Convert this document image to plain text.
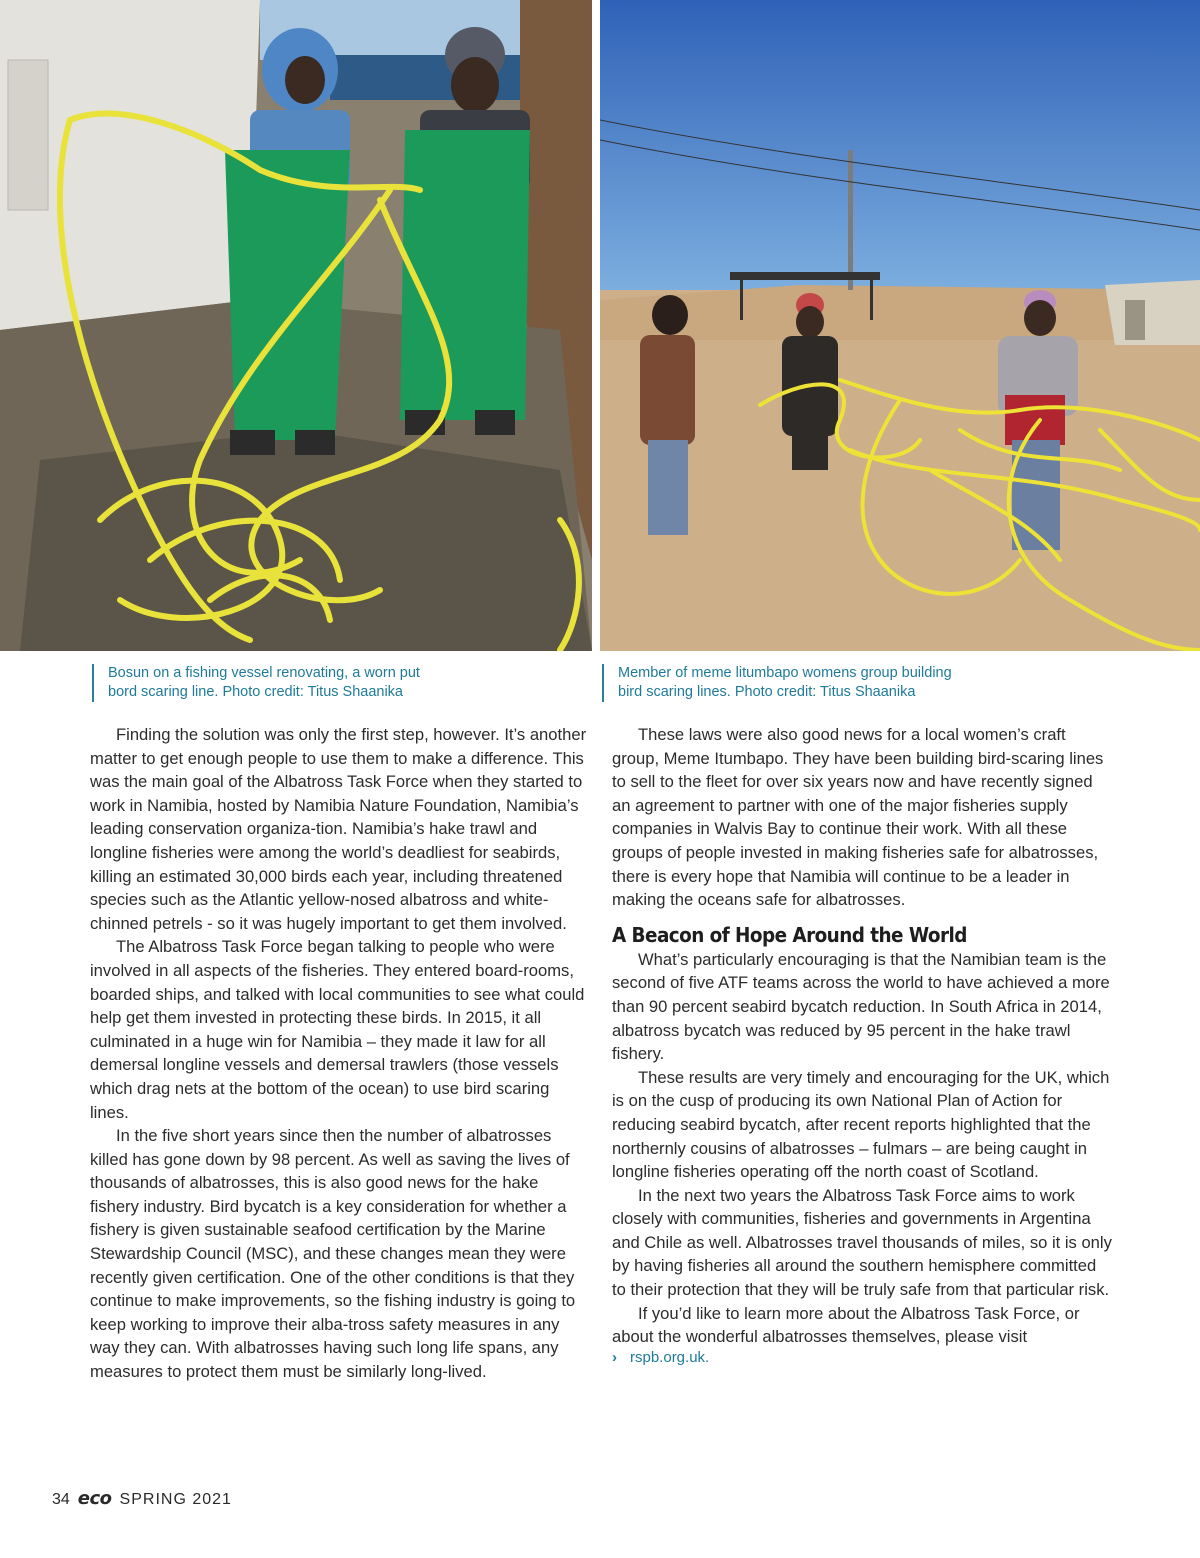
Bosun on a fishing vessel renovating, a worn put
bord scaring line. Photo credit: Titus Shaanika
Member of meme litumbapo womens group building
bird scaring lines. Photo credit: Titus Shaanika

Finding the solution was only the first step, however. It’s another matter to get enough people to use them to make a difference. This was the main goal of the Albatross Task Force when they started to work in Namibia, hosted by Namibia Nature Foundation, Namibia’s leading conservation organiza-tion. Namibia’s hake trawl and longline fisheries were among the world’s deadliest for seabirds, killing an estimated 30,000 birds each year, including threatened species such as the Atlantic yellow-nosed albatross and white-chinned petrels - so it was hugely important to get them involved.

The Albatross Task Force began talking to people who were involved in all aspects of the fisheries. They entered board-rooms, boarded ships, and talked with local communities to see what could help get them invested in protecting these birds. In 2015, it all culminated in a huge win for Namibia – they made it law for all demersal longline vessels and demersal trawlers (those vessels which drag nets at the bottom of the ocean) to use bird scaring lines.

In the five short years since then the number of albatrosses killed has gone down by 98 percent. As well as saving the lives of thousands of albatrosses, this is also good news for the hake fishery industry. Bird bycatch is a key consideration for whether a fishery is given sustainable seafood certification by the Marine Stewardship Council (MSC), and these changes mean they were recently given certification. One of the other conditions is that they continue to make improvements, so the fishing industry is going to keep working to improve their alba-tross safety measures in any way they can. With albatrosses having such long life spans, any measures to protect them must be similarly long-lived.

These laws were also good news for a local women’s craft group, Meme Itumbapo. They have been building bird-scaring lines to sell to the fleet for over six years now and have recently signed an agreement to partner with one of the major fisheries supply companies in Walvis Bay to continue their work. With all these groups of people invested in making fisheries safe for albatrosses, there is every hope that Namibia will continue to be a leader in making the oceans safe for albatrosses.

A Beacon of Hope Around the World

What’s particularly encouraging is that the Namibian team is the second of five ATF teams across the world to have achieved a more than 90 percent seabird bycatch reduction. In South Africa in 2014, albatross bycatch was reduced by 95 percent in the hake trawl fishery.

These results are very timely and encouraging for the UK, which is on the cusp of producing its own National Plan of Action for reducing seabird bycatch, after recent reports highlighted that the northernly cousins of albatrosses – fulmars – are being caught in longline fisheries operating off the north coast of Scotland.

In the next two years the Albatross Task Force aims to work closely with communities, fisheries and governments in Argentina and Chile as well. Albatrosses travel thousands of miles, so it is only by having fisheries all around the southern hemisphere committed to their protection that they will be truly safe from that particular risk.

If you’d like to learn more about the Albatross Task Force, or about the wonderful albatrosses themselves, please visit

› rspb.org.uk.
34 eco SPRING 2021
